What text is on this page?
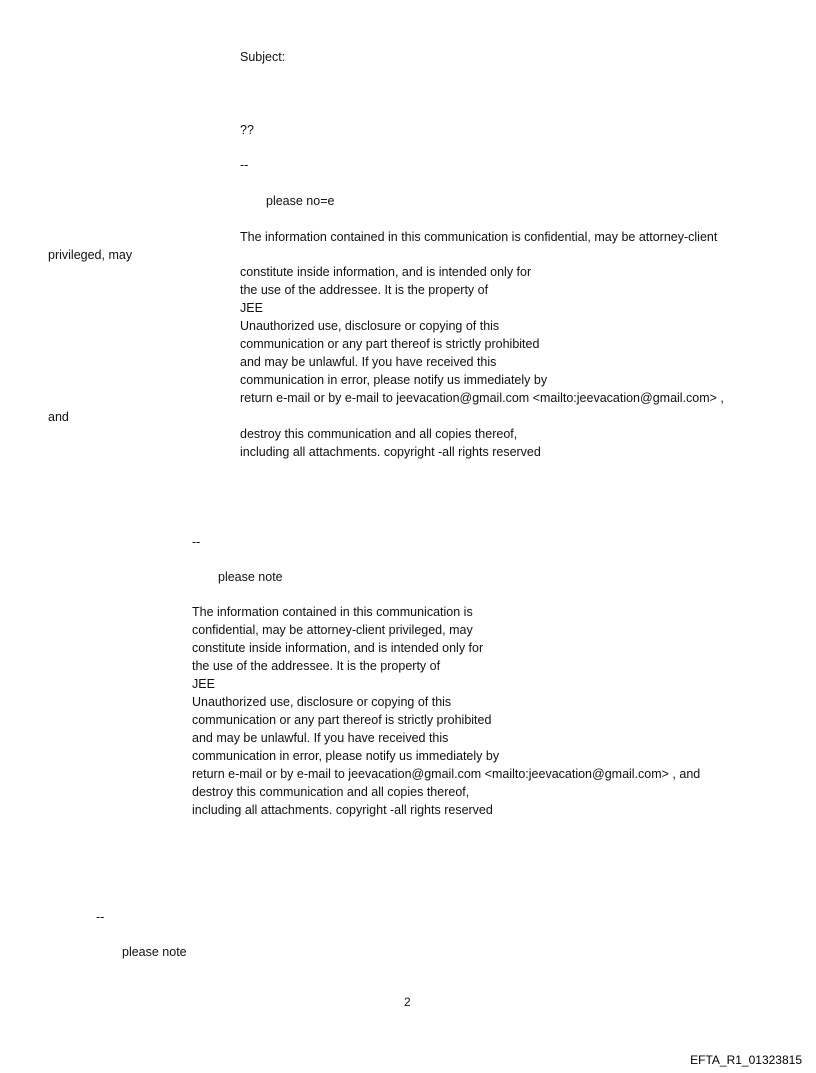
Subject:
??
--
please no=e
The information contained in this communication is confidential, may be attorney-client
privileged, may
constitute inside information, and is intended only for
the use of the addressee. It is the property of
JEE
Unauthorized use, disclosure or copying of this
communication or any part thereof is strictly prohibited
and may be unlawful. If you have received this
communication in error, please notify us immediately by
return e-mail or by e-mail to jeevacation@gmail.com <mailto:jeevacation@gmail.com> ,
and
destroy this communication and all copies thereof,
including all attachments. copyright -all rights reserved
--
please note
The information contained in this communication is
confidential, may be attorney-client privileged, may
constitute inside information, and is intended only for
the use of the addressee. It is the property of
JEE
Unauthorized use, disclosure or copying of this
communication or any part thereof is strictly prohibited
and may be unlawful. If you have received this
communication in error, please notify us immediately by
return e-mail or by e-mail to jeevacation@gmail.com <mailto:jeevacation@gmail.com> , and
destroy this communication and all copies thereof,
including all attachments. copyright -all rights reserved
--
please note
2
EFTA_R1_01323815
